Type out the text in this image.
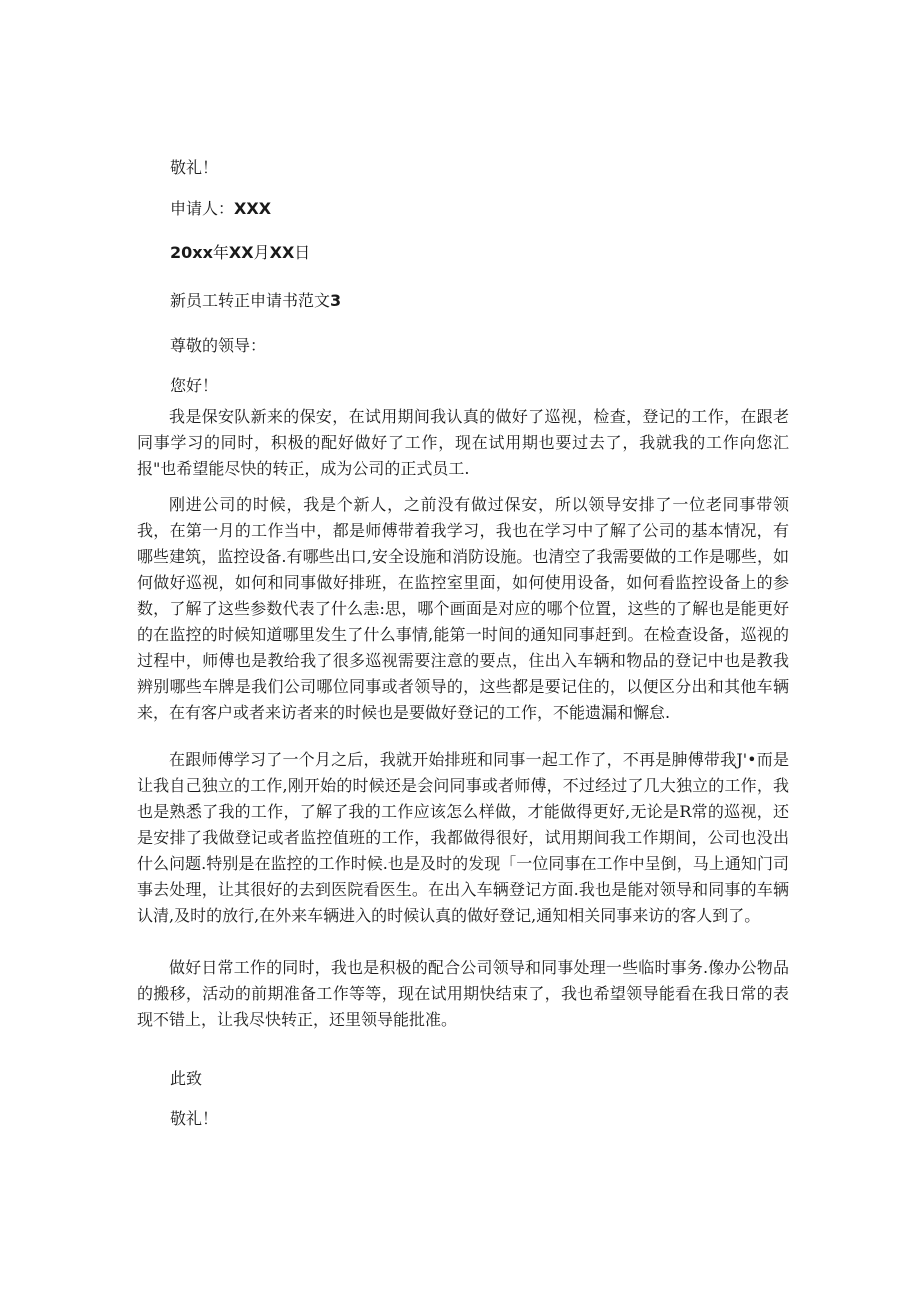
敬礼！
申请人：XXX
20xx年XX月XX日
新员工转正申请书范文3
尊敬的领导：
您好！

我是保安队新来的保安，在试用期间我认真的做好了巡视，检查，登记的工作，在跟老同事学习的同时，积极的配好做好了工作，现在试用期也要过去了，我就我的工作向您汇报"也希望能尽快的转正，成为公司的正式员工.

刚进公司的时候，我是个新人，之前没有做过保安，所以领导安排了一位老同事带领我，在第一月的工作当中，都是师傅带着我学习，我也在学习中了解了公司的基本情况，有哪些建筑，监控设备.有哪些出口,安全设施和消防设施。也清空了我需要做的工作是哪些，如何做好巡视，如何和同事做好排班，在监控室里面，如何使用设备，如何看监控设备上的参数，了解了这些参数代表了什么恚:思，哪个画面是对应的哪个位置，这些的了解也是能更好的在监控的时候知道哪里发生了什么事情,能第一时间的通知同事赶到。在检查设备，巡视的过程中，师傅也是教给我了很多巡视需要注意的要点，住出入车辆和物品的登记中也是教我辨别哪些车牌是我们公司哪位同事或者领导的，这些都是要记住的，以便区分出和其他车辆来，在有客户或者来访者来的时候也是要做好登记的工作，不能遗漏和懈怠.

在跟师傅学习了一个月之后，我就开始排班和同事一起工作了，不再是胂傅带我J'•而是让我自己独立的工作,刚开始的时候还是会问同事或者师傅，不过经过了几大独立的工作，我也是熟悉了我的工作，了解了我的工作应该怎么样做，才能做得更好,无论是R常的巡视，还是安排了我做登记或者监控值班的工作，我都做得很好，试用期间我工作期间，公司也没出什么问题.特别是在监控的工作时候.也是及时的发现「一位同事在工作中呈倒，马上通知门司事去处理，让其很好的去到医院看医生。在出入车辆登记方面.我也是能对领导和同事的车辆认清,及时的放行,在外来车辆进入的时候认真的做好登记,通知相关同事来访的客人到了。

做好日常工作的同时，我也是积极的配合公司领导和同事处理一些临时事务.像办公物品的搬移，活动的前期准备工作等等，现在试用期快结束了，我也希望领导能看在我日常的表现不错上，让我尽快转正，还里领导能批准。

此致
敬礼！
